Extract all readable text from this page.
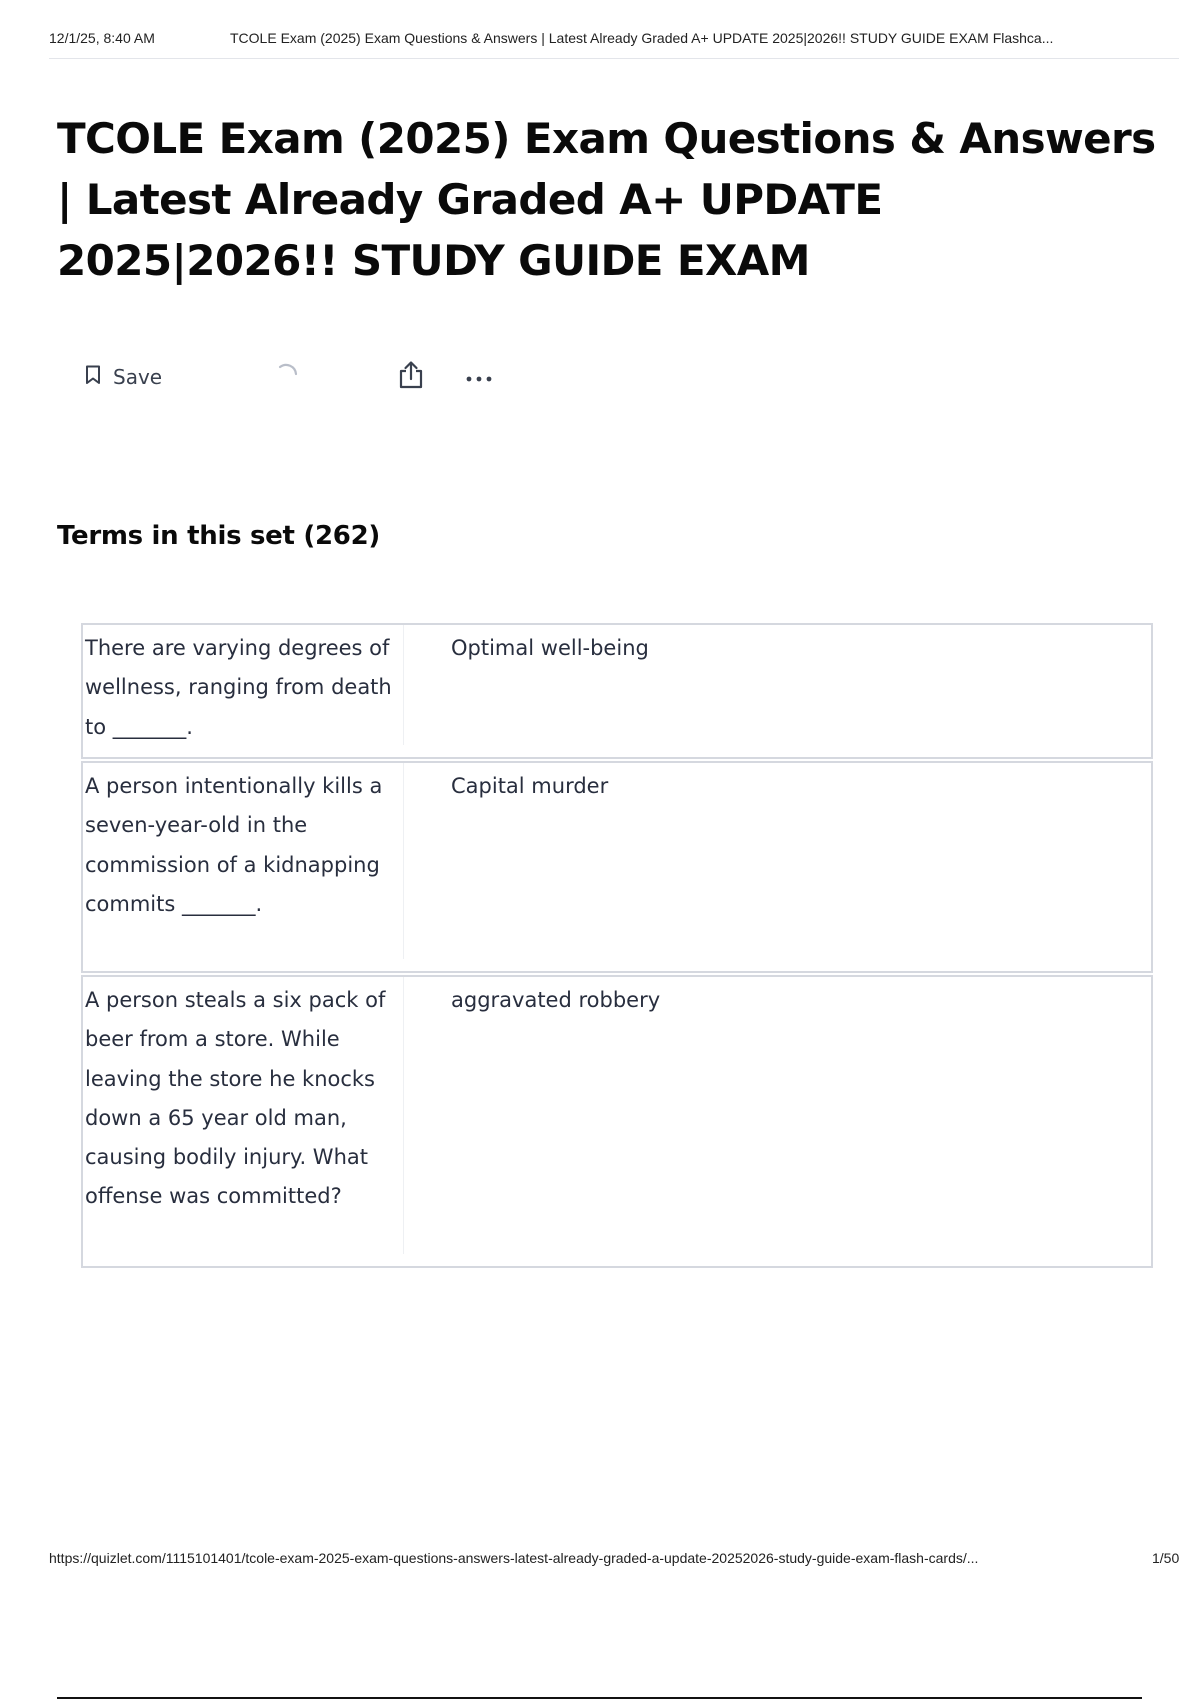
12/1/25, 8:40 AM	TCOLE Exam (2025) Exam Questions & Answers | Latest Already Graded A+ UPDATE 2025|2026!! STUDY GUIDE EXAM Flashca...
TCOLE Exam (2025) Exam Questions & Answers | Latest Already Graded A+ UPDATE 2025|2026!! STUDY GUIDE EXAM
Save
Terms in this set (262)
There are varying degrees of wellness, ranging from death to _______.
Optimal well-being
A person intentionally kills a seven-year-old in the commission of a kidnapping commits _______.
Capital murder
A person steals a six pack of beer from a store. While leaving the store he knocks down a 65 year old man, causing bodily injury. What offense was committed?
aggravated robbery
https://quizlet.com/1115101401/tcole-exam-2025-exam-questions-answers-latest-already-graded-a-update-20252026-study-guide-exam-flash-cards/...	1/50
